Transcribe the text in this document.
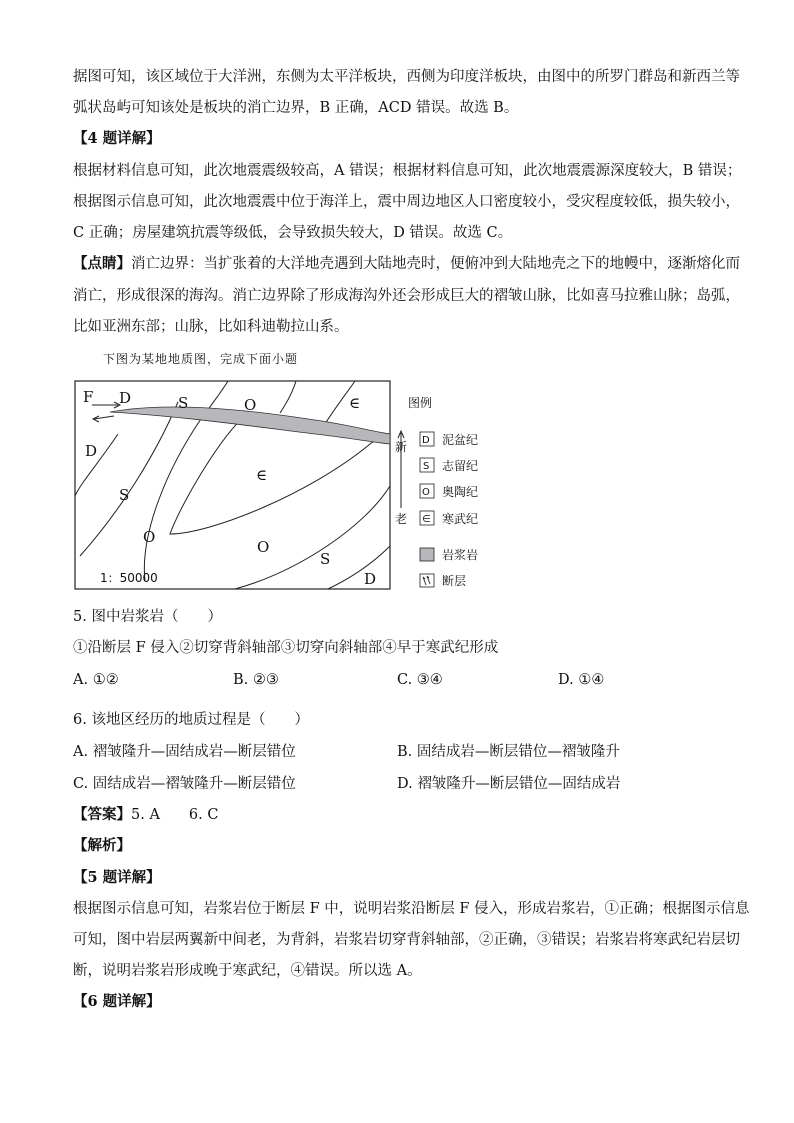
据图可知，该区域位于大洋洲，东侧为太平洋板块，西侧为印度洋板块，由图中的所罗门群岛和新西兰等
弧状岛屿可知该处是板块的消亡边界，B 正确，ACD 错误。故选 B。
【4 题详解】
根据材料信息可知，此次地震震级较高，A 错误；根据材料信息可知，此次地震震源深度较大，B 错误；
根据图示信息可知，此次地震震中位于海洋上，震中周边地区人口密度较小，受灾程度较低，损失较小，
C 正确；房屋建筑抗震等级低，会导致损失较大，D 错误。故选 C。
【点睛】消亡边界：当扩张着的大洋地壳遇到大陆地壳时，便俯冲到大陆地壳之下的地幔中，逐渐熔化而
消亡，形成很深的海沟。消亡边界除了形成海沟外还会形成巨大的褶皱山脉，比如喜马拉雅山脉；岛弧，
比如亚洲东部；山脉，比如科迪勒拉山系。
下图为某地地质图，完成下面小题
F D	S	O	∈
D
S
∈
O
O
S
D
1：50000
图例
新
老
D 泥盆纪
S 志留纪
O 奥陶纪
∈ 寒武纪
岩浆岩
断层
5. 图中岩浆岩（　　）
①沿断层 F 侵入②切穿背斜轴部③切穿向斜轴部④早于寒武纪形成
A. ①②	B. ②③	C. ③④	D. ①④
6. 该地区经历的地质过程是（　　）
A. 褶皱隆升—固结成岩—断层错位	B. 固结成岩—断层错位—褶皱隆升
C. 固结成岩—褶皱隆升—断层错位	D. 褶皱隆升—断层错位—固结成岩
【答案】5. A　　6. C
【解析】
【5 题详解】
根据图示信息可知，岩浆岩位于断层 F 中，说明岩浆沿断层 F 侵入，形成岩浆岩，①正确；根据图示信息
可知，图中岩层两翼新中间老，为背斜，岩浆岩切穿背斜轴部，②正确，③错误；岩浆岩将寒武纪岩层切
断，说明岩浆岩形成晚于寒武纪，④错误。所以选 A。
【6 题详解】
